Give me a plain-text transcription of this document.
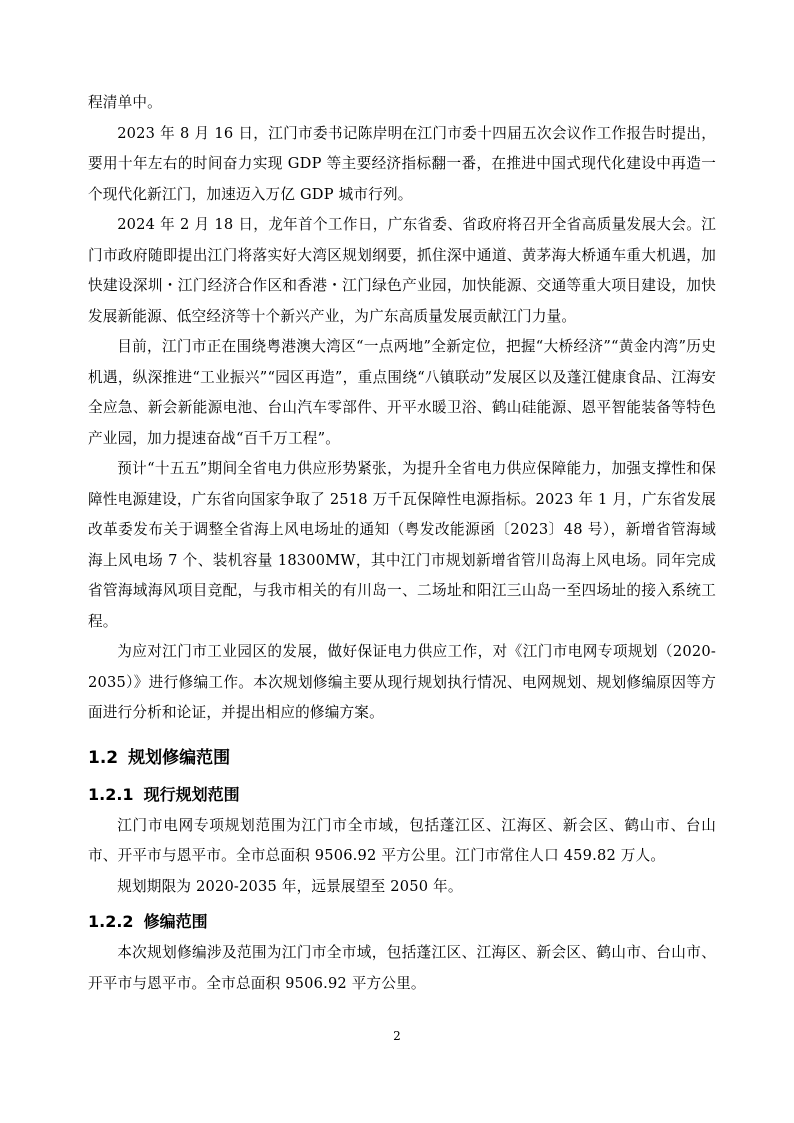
程清单中。

2023 年 8 月 16 日，江门市委书记陈岸明在江门市委十四届五次会议作工作报告时提出，要用十年左右的时间奋力实现 GDP 等主要经济指标翻一番，在推进中国式现代化建设中再造一个现代化新江门，加速迈入万亿 GDP 城市行列。

2024 年 2 月 18 日，龙年首个工作日，广东省委、省政府将召开全省高质量发展大会。江门市政府随即提出江门将落实好大湾区规划纲要，抓住深中通道、黄茅海大桥通车重大机遇，加快建设深圳・江门经济合作区和香港・江门绿色产业园，加快能源、交通等重大项目建设，加快发展新能源、低空经济等十个新兴产业，为广东高质量发展贡献江门力量。

目前，江门市正在围绕粤港澳大湾区“一点两地”全新定位，把握“大桥经济”“黄金内湾”历史机遇，纵深推进“工业振兴”“园区再造”，重点围绕“八镇联动”发展区以及蓬江健康食品、江海安全应急、新会新能源电池、台山汽车零部件、开平水暖卫浴、鹤山硅能源、恩平智能装备等特色产业园，加力提速奋战“百千万工程”。

预计“十五五”期间全省电力供应形势紧张，为提升全省电力供应保障能力，加强支撑性和保障性电源建设，广东省向国家争取了 2518 万千瓦保障性电源指标。2023 年 1 月，广东省发展改革委发布关于调整全省海上风电场址的通知（粤发改能源函〔2023〕48 号），新增省管海域海上风电场 7 个、装机容量 18300MW，其中江门市规划新增省管川岛海上风电场。同年完成省管海域海风项目竞配，与我市相关的有川岛一、二场址和阳江三山岛一至四场址的接入系统工程。

为应对江门市工业园区的发展，做好保证电力供应工作，对《江门市电网专项规划（2020-2035）》进行修编工作。本次规划修编主要从现行规划执行情况、电网规划、规划修编原因等方面进行分析和论证，并提出相应的修编方案。

1.2 规划修编范围
1.2.1 现行规划范围

江门市电网专项规划范围为江门市全市域，包括蓬江区、江海区、新会区、鹤山市、台山市、开平市与恩平市。全市总面积 9506.92 平方公里。江门市常住人口 459.82 万人。

规划期限为 2020-2035 年，远景展望至 2050 年。

1.2.2 修编范围

本次规划修编涉及范围为江门市全市域，包括蓬江区、江海区、新会区、鹤山市、台山市、开平市与恩平市。全市总面积 9506.92 平方公里。

2
